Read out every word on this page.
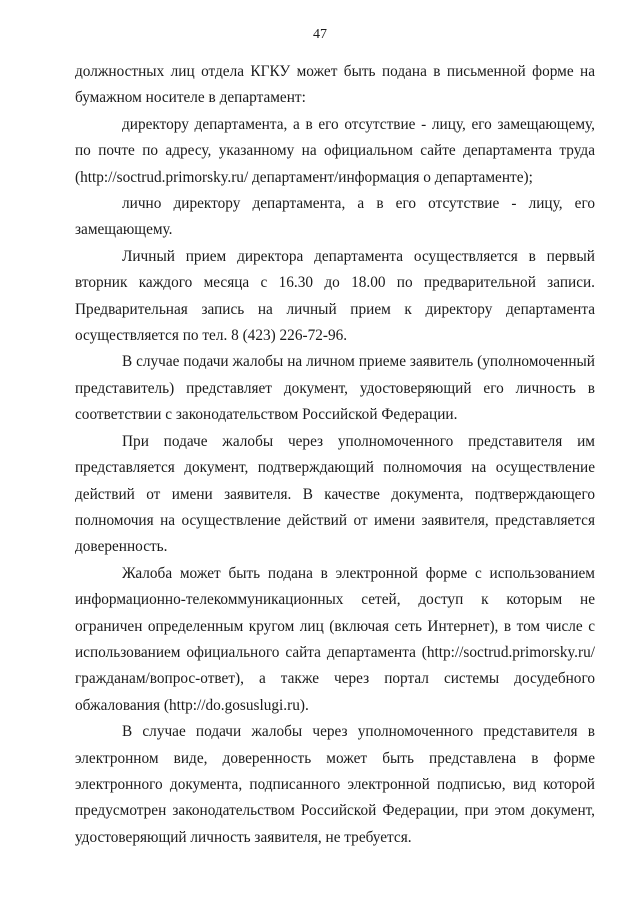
47

должностных лиц отдела КГКУ может быть подана в письменной форме на бумажном носителе в департамент:

директору департамента, а в его отсутствие - лицу, его замещающему, по почте по адресу, указанному на официальном сайте департамента труда (http://soctrud.primorsky.ru/ департамент/информация о департаменте);

лично директору департамента, а в его отсутствие - лицу, его замещающему.

Личный прием директора департамента осуществляется в первый вторник каждого месяца с 16.30 до 18.00 по предварительной записи. Предварительная запись на личный прием к директору департамента осуществляется по тел. 8 (423) 226-72-96.

В случае подачи жалобы на личном приеме заявитель (уполномоченный представитель) представляет документ, удостоверяющий его личность в соответствии с законодательством Российской Федерации.

При подаче жалобы через уполномоченного представителя им представляется документ, подтверждающий полномочия на осуществление действий от имени заявителя. В качестве документа, подтверждающего полномочия на осуществление действий от имени заявителя, представляется доверенность.

Жалоба может быть подана в электронной форме с использованием информационно-телекоммуникационных сетей, доступ к которым не ограничен определенным кругом лиц (включая сеть Интернет), в том числе с использованием официального сайта департамента (http://soctrud.primorsky.ru/ гражданам/вопрос-ответ), а также через портал системы досудебного обжалования (http://do.gosuslugi.ru).

В случае подачи жалобы через уполномоченного представителя в электронном виде, доверенность может быть представлена в форме электронного документа, подписанного электронной подписью, вид которой предусмотрен законодательством Российской Федерации, при этом документ, удостоверяющий личность заявителя, не требуется.
